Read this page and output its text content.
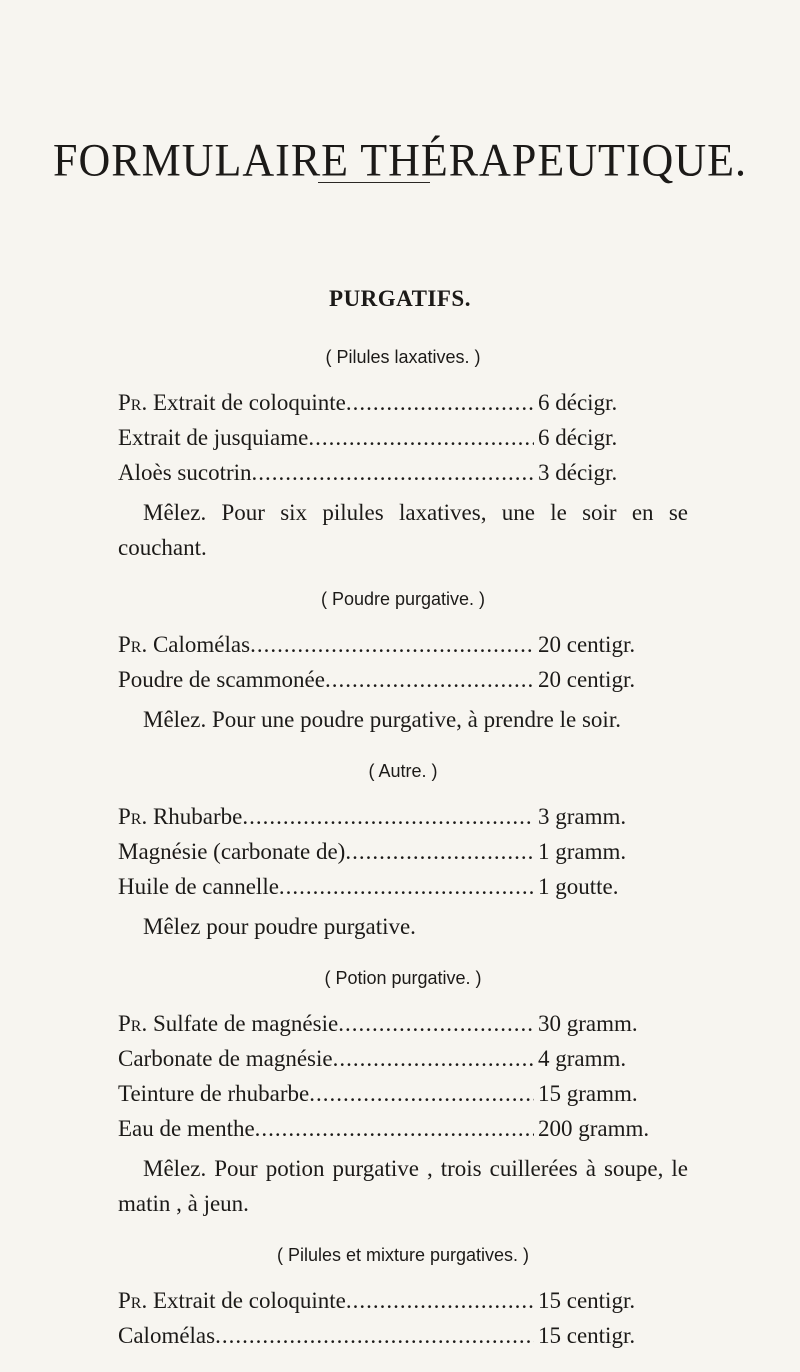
FORMULAIRE THÉRAPEUTIQUE.
PURGATIFS.
( Pilules laxatives. )
Pr. Extrait de coloquinte .....	6 décigr.
Extrait de jusquiame .....	6 décigr.
Aloès sucotrin .....	3 décigr.
Mêlez. Pour six pilules laxatives, une le soir en se couchant.
( Poudre purgative. )
Pr. Calomélas .....	20 centigr.
Poudre de scammonée .....	20 centigr.
Mêlez. Pour une poudre purgative, à prendre le soir.
( Autre. )
Pr. Rhubarbe .....	3 gramm.
Magnésie (carbonate de) .....	1 gramm.
Huile de cannelle .....	1 goutte.
Mêlez pour poudre purgative.
( Potion purgative. )
Pr. Sulfate de magnésie .....	30 gramm.
Carbonate de magnésie .....	4 gramm.
Teinture de rhubarbe .....	15 gramm.
Eau de menthe .....	200 gramm.
Mêlez. Pour potion purgative , trois cuillerées à soupe, le matin , à jeun.
( Pilules et mixture purgatives. )
Pr. Extrait de coloquinte .....	15 centigr.
Calomélas .....	15 centigr.
